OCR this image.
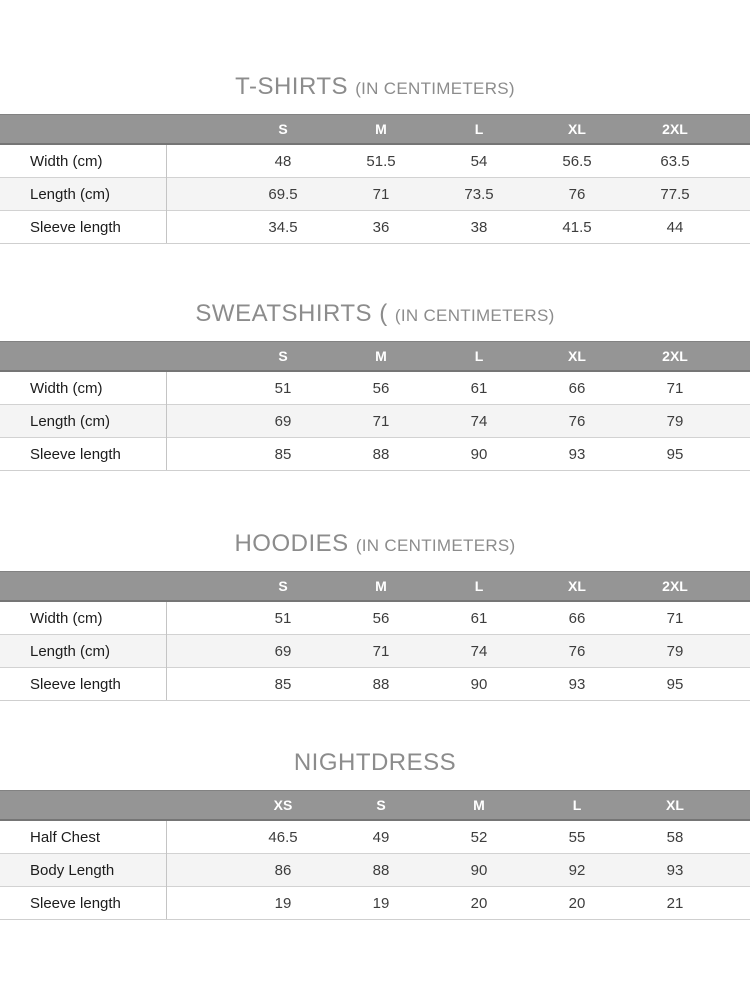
T-SHIRTS (IN CENTIMETERS)
		S	M	L	XL	2XL	
Width (cm)		48	51.5	54	56.5	63.5	
Length (cm)		69.5	71	73.5	76	77.5	
Sleeve length		34.5	36	38	41.5	44	
SWEATSHIRTS ( (IN CENTIMETERS)
		S	M	L	XL	2XL	
Width (cm)		51	56	61	66	71	
Length (cm)		69	71	74	76	79	
Sleeve length		85	88	90	93	95	
HOODIES (IN CENTIMETERS)
		S	M	L	XL	2XL	
Width (cm)		51	56	61	66	71	
Length (cm)		69	71	74	76	79	
Sleeve length		85	88	90	93	95	
NIGHTDRESS
		XS	S	M	L	XL	
Half Chest		46.5	49	52	55	58	
Body Length		86	88	90	92	93	
Sleeve length		19	19	20	20	21	
